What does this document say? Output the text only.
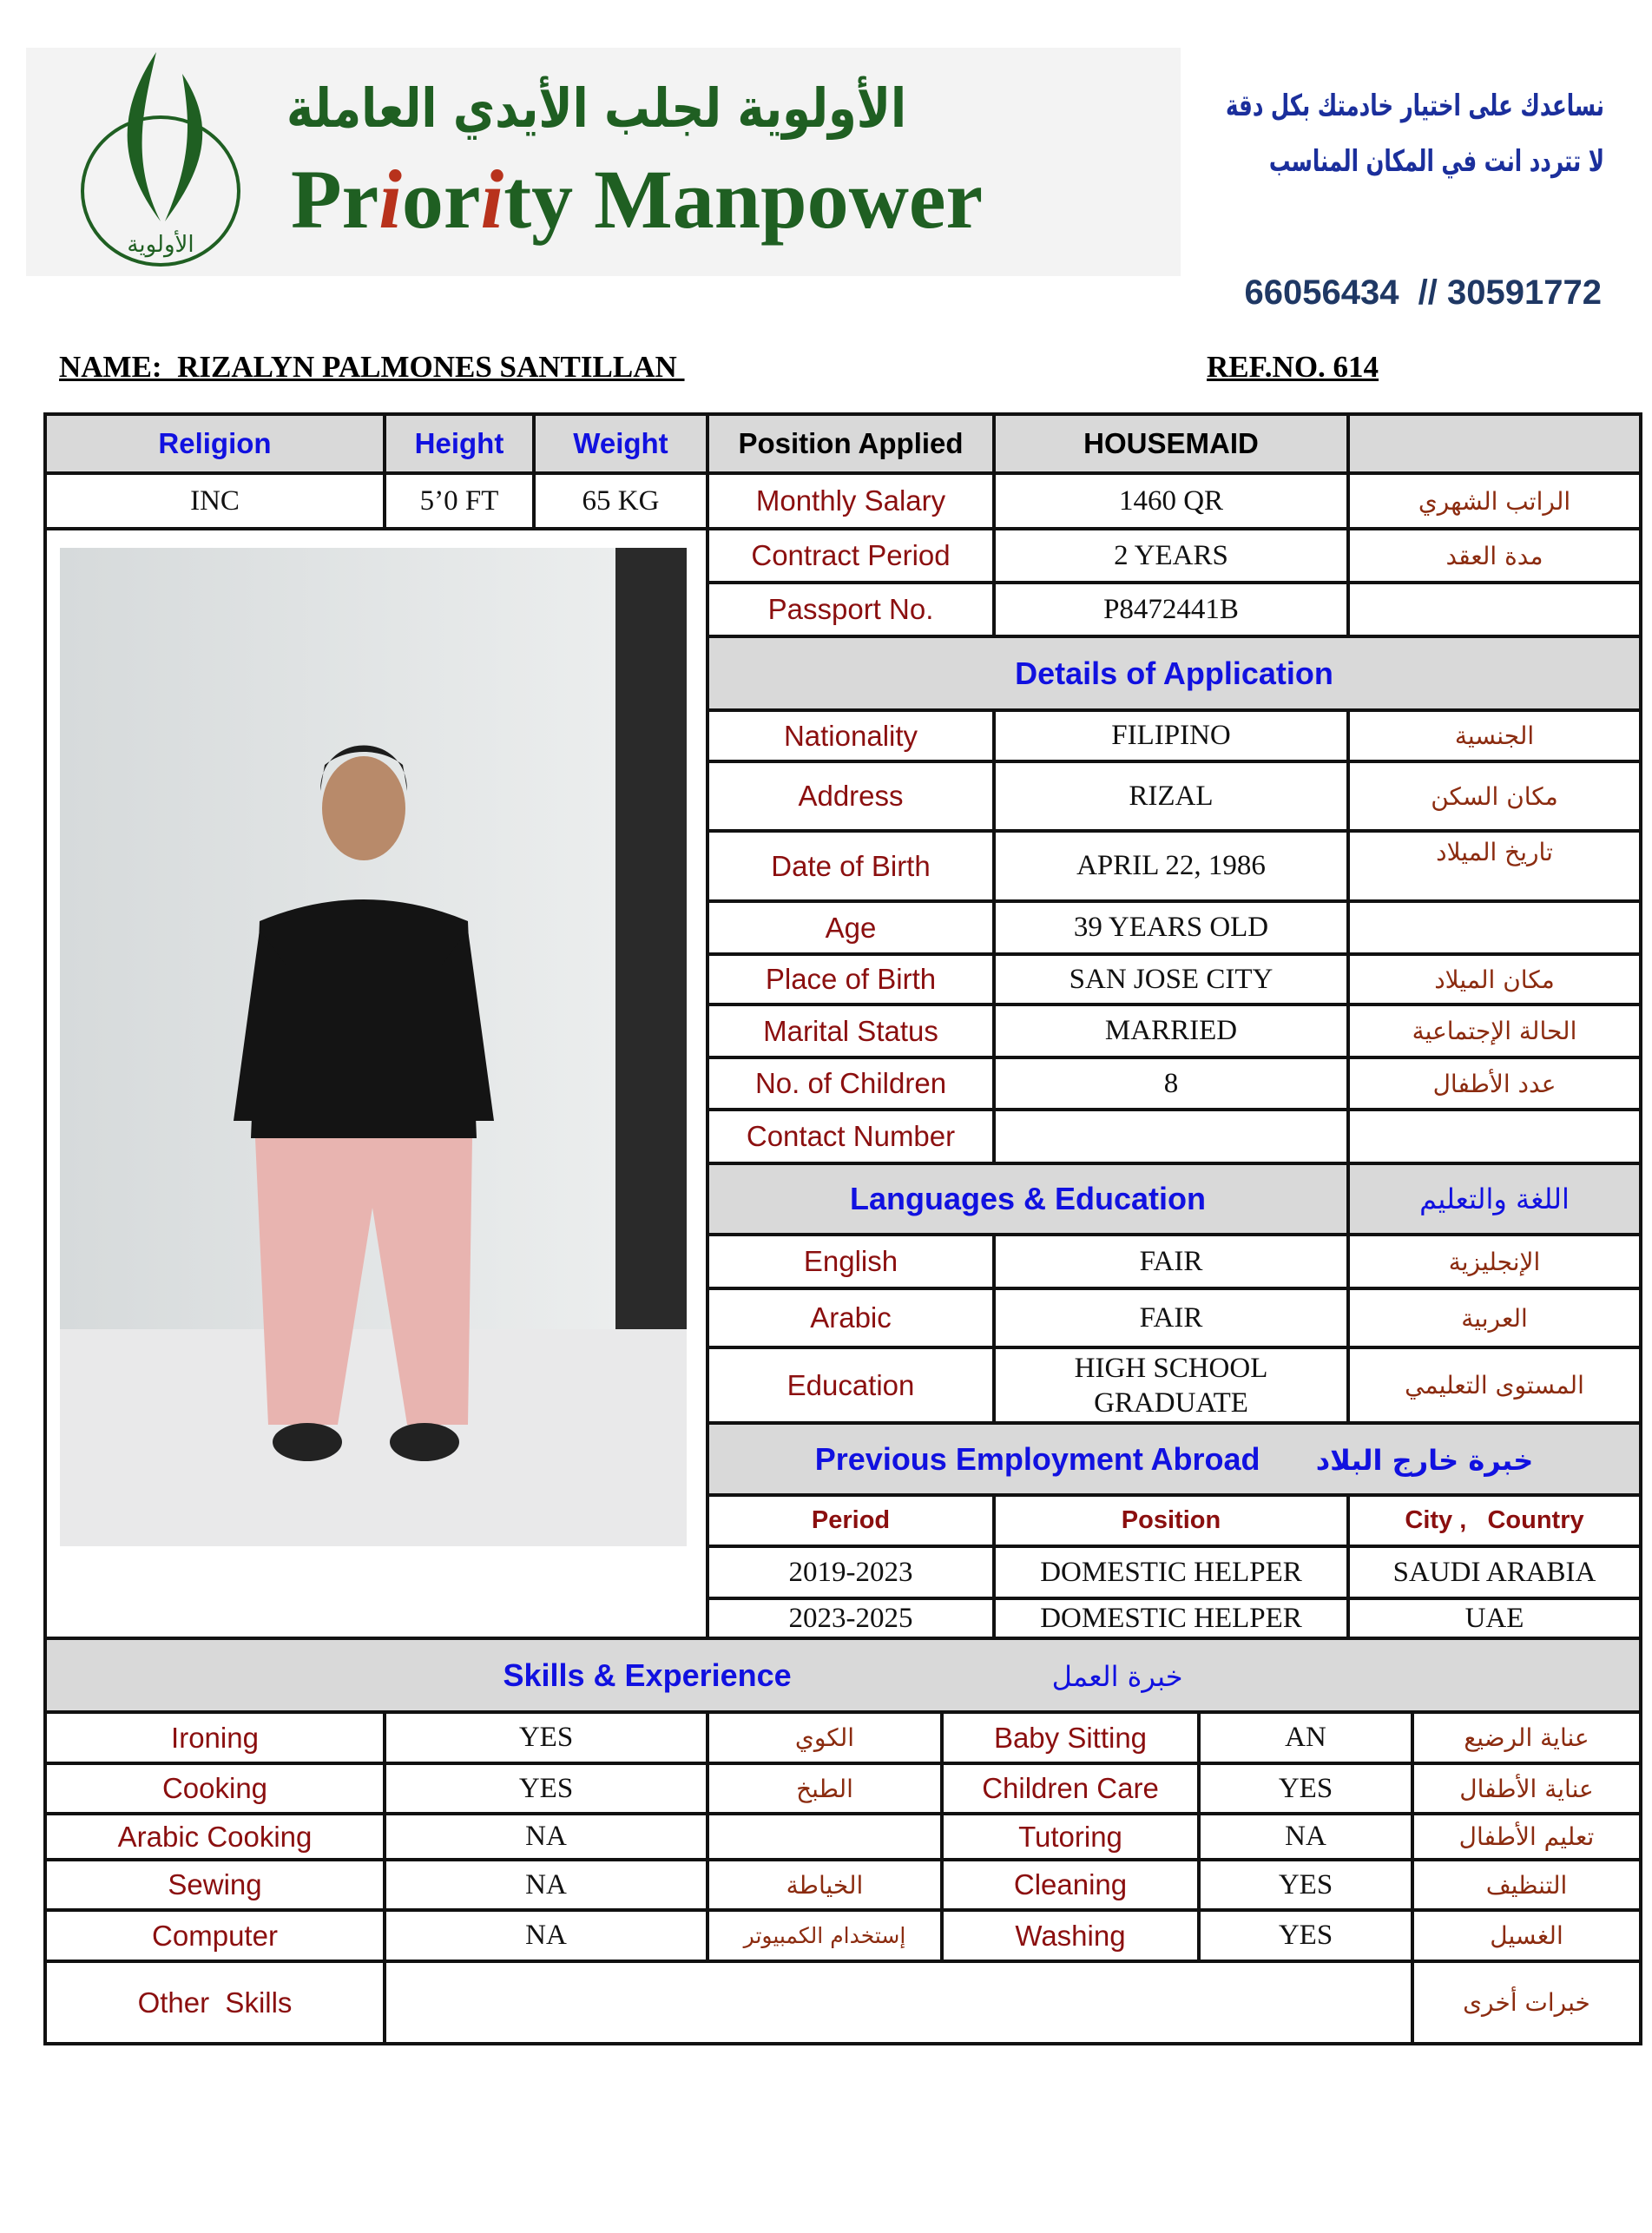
الأولوية
الأولوية لجلب الأيدي العاملة
Priority Manpower
نساعدك على اختيار خادمتك بكل دقة
لا تتردد انت في المكان المناسب
66056434  // 30591772
NAME:  RIZALYN PALMONES SANTILLAN	REF.NO. 614
Religion	Height	Weight	Position Applied	HOUSEMAID	
INC	5’0 FT	65 KG	Monthly Salary	1460 QR	الراتب الشهري

	Contract Period	2 YEARS	مدة العقد
			Passport No.	P8472441B	
			Details of Application		
			Nationality	FILIPINO	الجنسية
			Address	RIZAL	مكان السكن
			Date of Birth	APRIL 22, 1986	تاريخ الميلاد
			Age	39 YEARS OLD	
			Place of Birth	SAN JOSE CITY	مكان الميلاد
			Marital Status	MARRIED	الحالة الإجتماعية
			No. of Children	8	عدد الأطفال
			Contact Number		
			Languages & Education		اللغة والتعليم
			English	FAIR	الإنجليزية
			Arabic	FAIR	العربية
			Education	HIGH SCHOOL GRADUATE	المستوى التعليمي
			Previous Employment Abroad خبرة خارج البلاد		
			Period	Position	City ,   Country
			2019-2023	DOMESTIC HELPER	SAUDI ARABIA
			2023-2025	DOMESTIC HELPER	UAE
Skills & Experience خبرة العمل					
Ironing	YES	الكوي	Baby Sitting	AN	عناية الرضيع
Cooking	YES	الطبخ	Children Care	YES	عناية الأطفال
Arabic Cooking	NA		Tutoring	NA	تعليم الأطفال
Sewing	NA	الخياطة	Cleaning	YES	التنظيف
Computer	NA	إستخدام الكمبيوتر	Washing	YES	الغسيل
Other  Skills					خبرات أخرى
